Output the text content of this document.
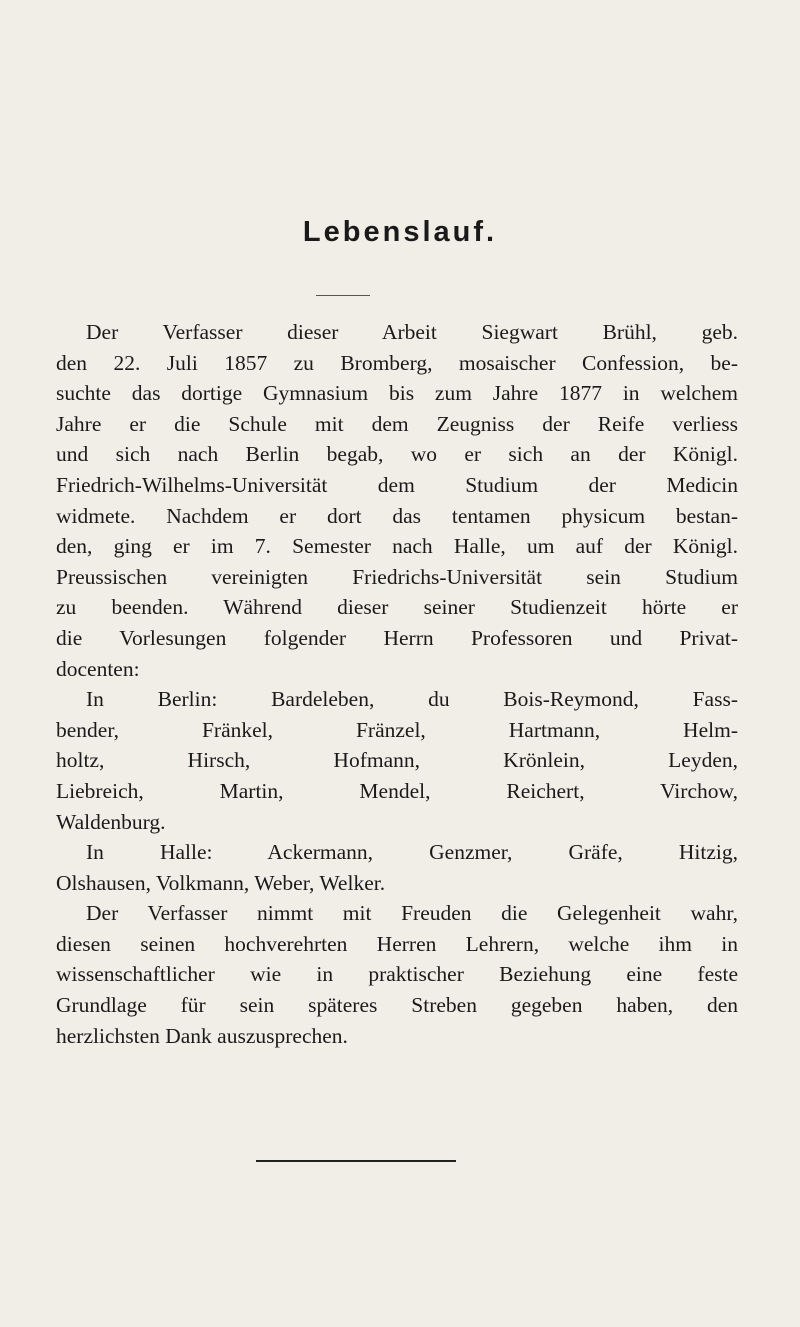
Lebenslauf.

Der Verfasser dieser Arbeit Siegwart Brühl, geb.
den 22. Juli 1857 zu Bromberg, mosaischer Confession, be-
suchte das dortige Gymnasium bis zum Jahre 1877 in welchem
Jahre er die Schule mit dem Zeugniss der Reife verliess
und sich nach Berlin begab, wo er sich an der Königl.
Friedrich-Wilhelms-Universität dem Studium der Medicin
widmete. Nachdem er dort das tentamen physicum bestan-
den, ging er im 7. Semester nach Halle, um auf der Königl.
Preussischen vereinigten Friedrichs-Universität sein Studium
zu beenden. Während dieser seiner Studienzeit hörte er
die Vorlesungen folgender Herrn Professoren und Privat-
docenten:

In Berlin: Bardeleben, du Bois-Reymond, Fass-
bender, Fränkel, Fränzel, Hartmann, Helm-
holtz, Hirsch, Hofmann, Krönlein, Leyden,
Liebreich, Martin, Mendel, Reichert, Virchow,
Waldenburg.

In Halle: Ackermann, Genzmer, Gräfe, Hitzig,
Olshausen, Volkmann, Weber, Welker.

Der Verfasser nimmt mit Freuden die Gelegenheit wahr,
diesen seinen hochverehrten Herren Lehrern, welche ihm in
wissenschaftlicher wie in praktischer Beziehung eine feste
Grundlage für sein späteres Streben gegeben haben, den
herzlichsten Dank auszusprechen.
